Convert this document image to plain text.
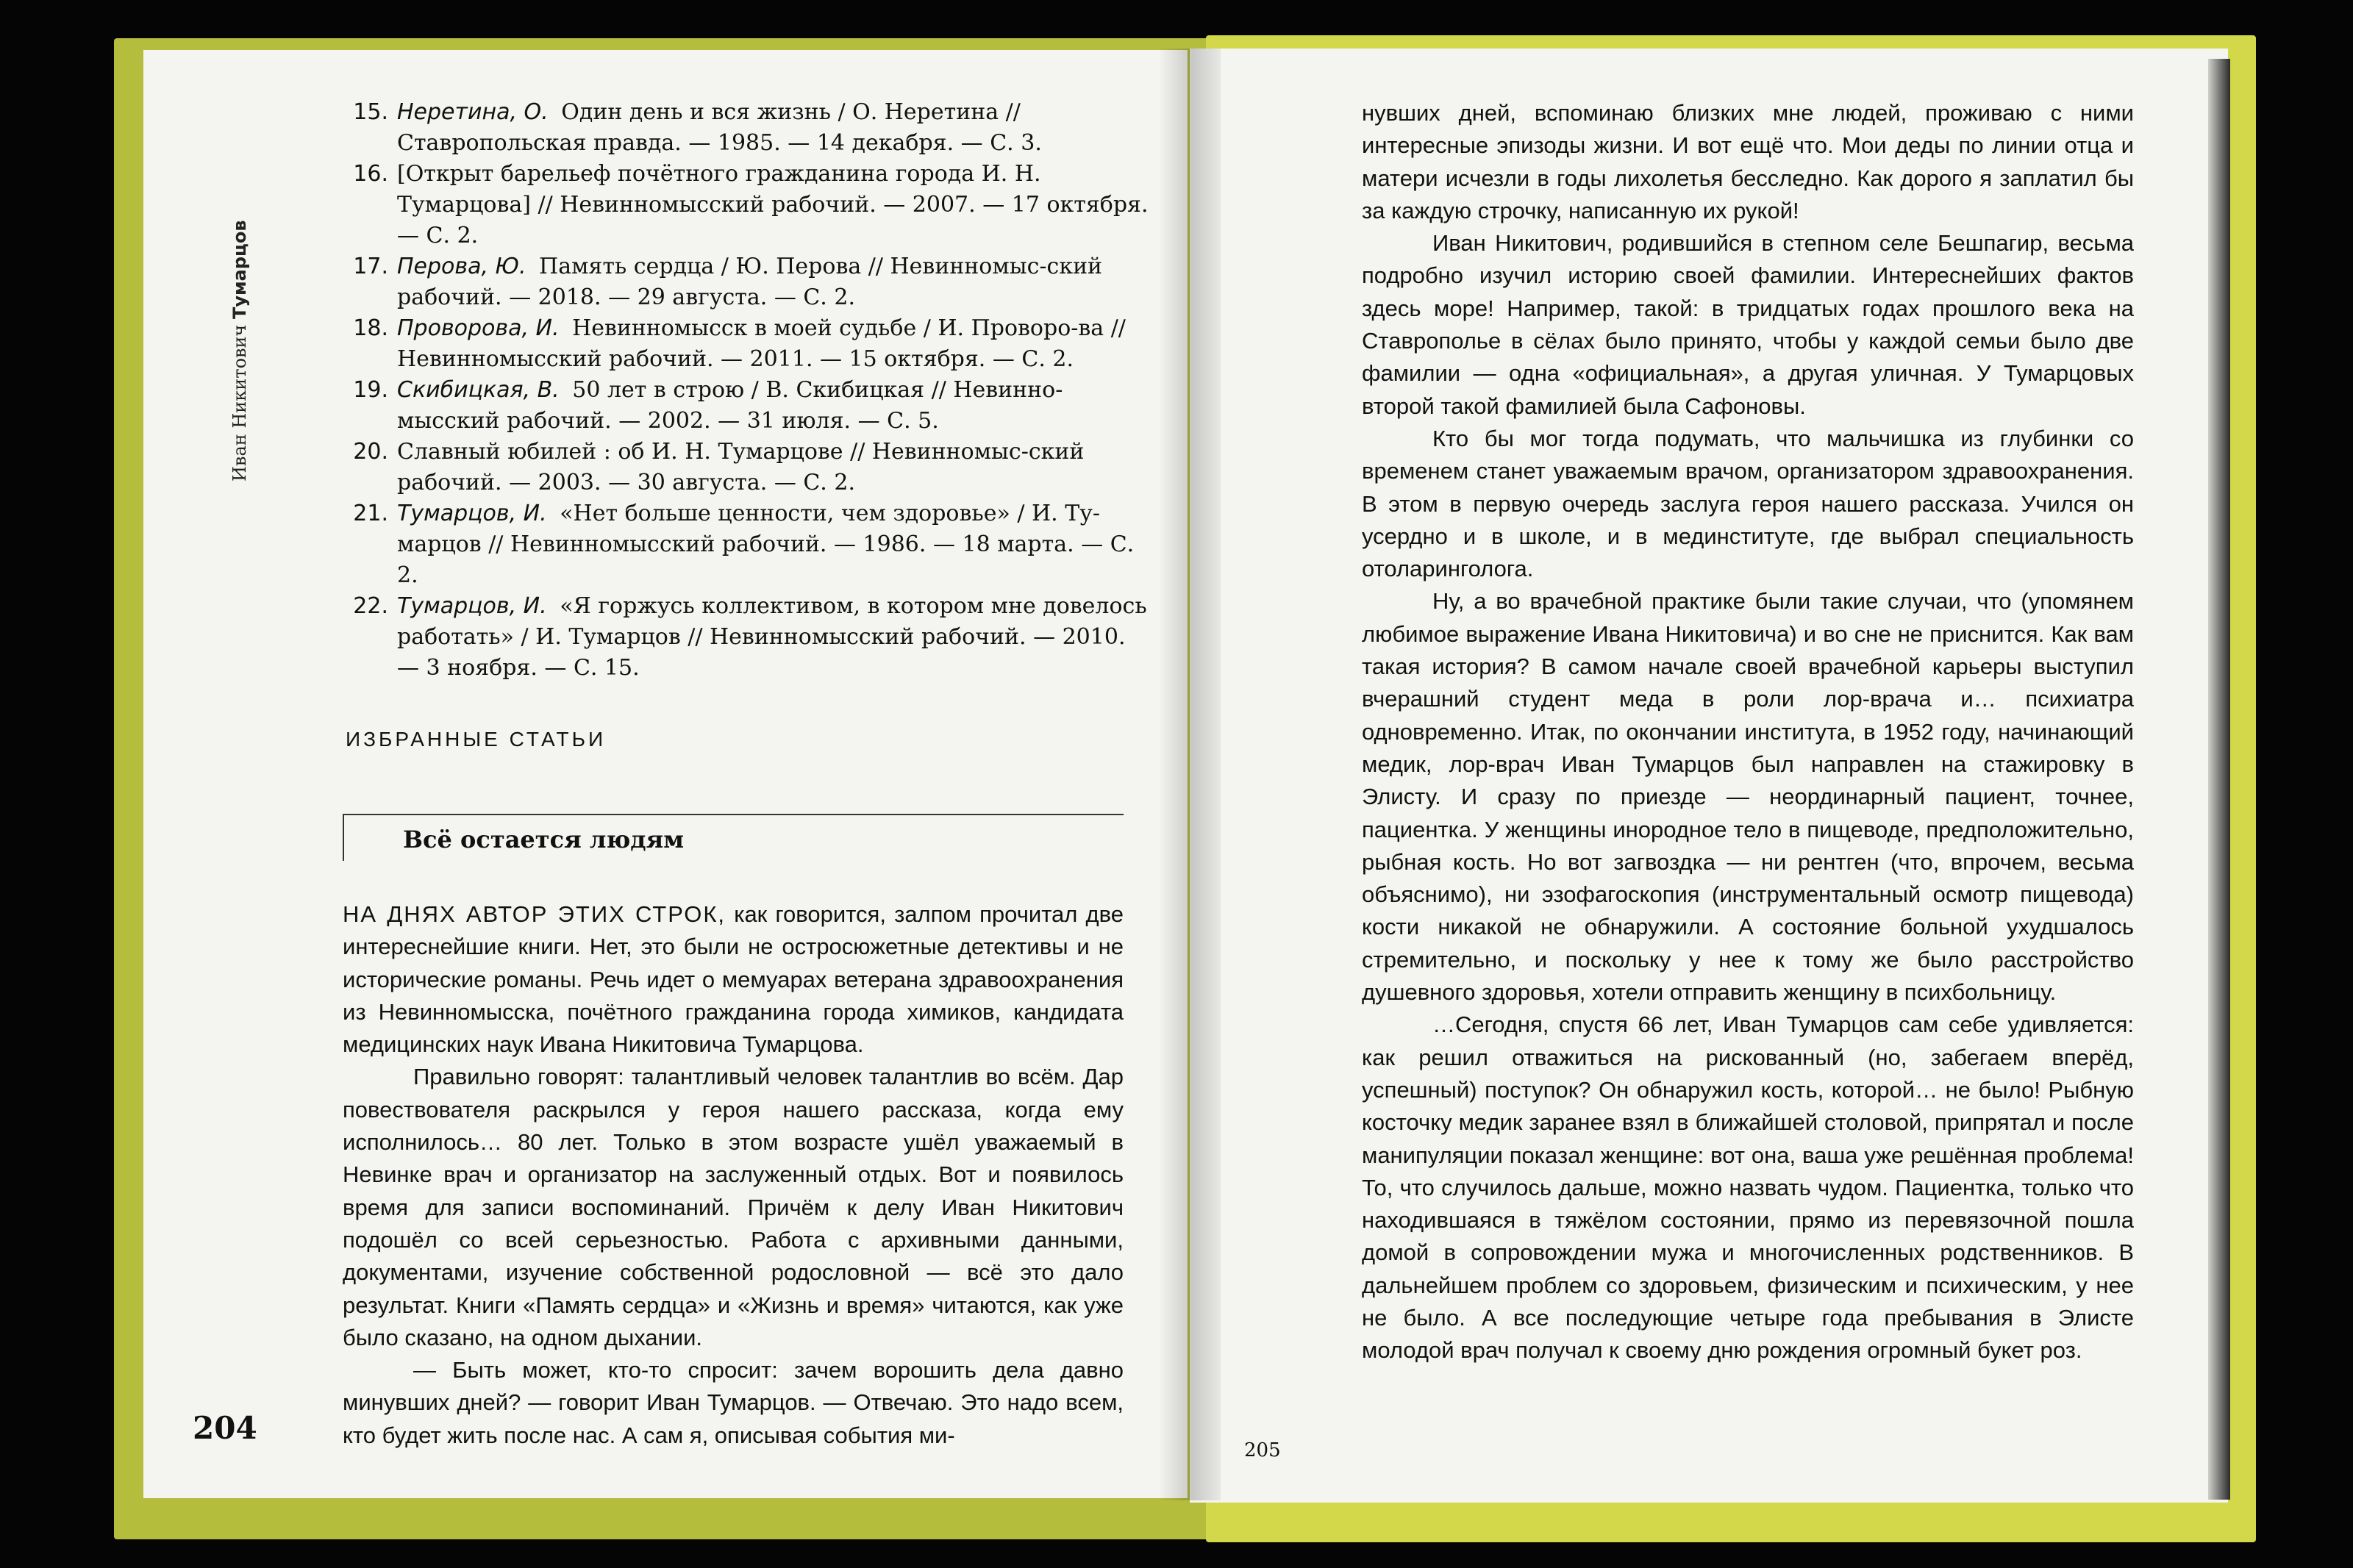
Иван Никитович Тумарцов
15. Неретина, О. Один день и вся жизнь / О. Неретина // Ставропольская правда. — 1985. — 14 декабря. — С. 3.
16. [Открыт барельеф почётного гражданина города И. Н. Тумарцова] // Невинномысский рабочий. — 2007. — 17 октября. — С. 2.
17. Перова, Ю. Память сердца / Ю. Перова // Невинномыс-ский рабочий. — 2018. — 29 августа. — С. 2.
18. Проворова, И. Невинномысск в моей судьбе / И. Проворо-ва // Невинномысский рабочий. — 2011. — 15 октября. — С. 2.
19. Скибицкая, В. 50 лет в строю / В. Скибицкая // Невинно-мысский рабочий. — 2002. — 31 июля. — С. 5.
20. Славный юбилей : об И. Н. Тумарцове // Невинномыс-ский рабочий. — 2003. — 30 августа. — С. 2.
21. Тумарцов, И. «Нет больше ценности, чем здоровье» / И. Ту-марцов // Невинномысский рабочий. — 1986. — 18 марта. — С. 2.
22. Тумарцов, И. «Я горжусь коллективом, в котором мне довелось работать» / И. Тумарцов // Невинномысский рабочий. — 2010. — 3 ноября. — С. 15.
ИЗБРАННЫЕ СТАТЬИ
Всё остается людям

НА ДНЯХ АВТОР ЭТИХ СТРОК, как говорится, залпом прочитал две интереснейшие книги. Нет, это были не остросюжетные детективы и не исторические романы. Речь идет о мемуарах ветерана здравоохранения из Невинномысска, почётного гражданина города химиков, кандидата медицинских наук Ивана Никитовича Тумарцова.

Правильно говорят: талантливый человек талантлив во всём. Дар повествователя раскрылся у героя нашего рассказа, когда ему исполнилось… 80 лет. Только в этом возрасте ушёл уважаемый в Невинке врач и организатор на заслуженный отдых. Вот и появилось время для записи воспоминаний. Причём к делу Иван Никитович подошёл со всей серьезностью. Работа с архивными данными, документами, изучение собственной родословной — всё это дало результат. Книги «Память сердца» и «Жизнь и время» читаются, как уже было сказано, на одном дыхании.

— Быть может, кто-то спросит: зачем ворошить дела давно минувших дней? — говорит Иван Тумарцов. — Отвечаю. Это надо всем, кто будет жить после нас. А сам я, описывая события ми-

нувших дней, вспоминаю близких мне людей, проживаю с ними интересные эпизоды жизни. И вот ещё что. Мои деды по линии отца и матери исчезли в годы лихолетья бесследно. Как дорого я заплатил бы за каждую строчку, написанную их рукой!

Иван Никитович, родившийся в степном селе Бешпагир, весьма подробно изучил историю своей фамилии. Интереснейших фактов здесь море! Например, такой: в тридцатых годах прошлого века на Ставрополье в сёлах было принято, чтобы у каждой семьи было две фамилии — одна «официальная», а другая уличная. У Тумарцовых второй такой фамилией была Сафоновы.

Кто бы мог тогда подумать, что мальчишка из глубинки со временем станет уважаемым врачом, организатором здравоохранения. В этом в первую очередь заслуга героя нашего рассказа. Учился он усердно и в школе, и в мединституте, где выбрал специальность отоларинголога.

Ну, а во врачебной практике были такие случаи, что (упомянем любимое выражение Ивана Никитовича) и во сне не приснится. Как вам такая история? В самом начале своей врачебной карьеры выступил вчерашний студент меда в роли лор-врача и… психиатра одновременно. Итак, по окончании института, в 1952 году, начинающий медик, лор-врач Иван Тумарцов был направлен на стажировку в Элисту. И сразу по приезде — неординарный пациент, точнее, пациентка. У женщины инородное тело в пищеводе, предположительно, рыбная кость. Но вот загвоздка — ни рентген (что, впрочем, весьма объяснимо), ни эзофагоскопия (инструментальный осмотр пищевода) кости никакой не обнаружили. А состояние больной ухудшалось стремительно, и поскольку у нее к тому же было расстройство душевного здоровья, хотели отправить женщину в психбольницу.

…Сегодня, спустя 66 лет, Иван Тумарцов сам себе удивляется: как решил отважиться на рискованный (но, забегаем вперёд, успешный) поступок? Он обнаружил кость, которой… не было! Рыбную косточку медик заранее взял в ближайшей столовой, припрятал и после манипуляции показал женщине: вот она, ваша уже решённая проблема! То, что случилось дальше, можно назвать чудом. Пациентка, только что находившаяся в тяжёлом состоянии, прямо из перевязочной пошла домой в сопровождении мужа и многочисленных родственников. В дальнейшем проблем со здоровьем, физическим и психическим, у нее не было. А все последующие четыре года пребывания в Элисте молодой врач получал к своему дню рождения огромный букет роз.

204
205
